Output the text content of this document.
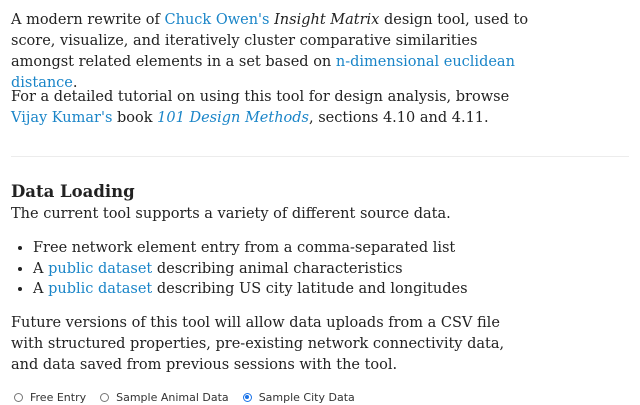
A modern rewrite of Chuck Owen's Insight Matrix design tool, used to score, visualize, and iteratively cluster comparative similarities amongst related elements in a set based on n-dimensional euclidean distance.

For a detailed tutorial on using this tool for design analysis, browse Vijay Kumar's book 101 Design Methods, sections 4.10 and 4.11.

Data Loading

The current tool supports a variety of different source data.

• Free network element entry from a comma-separated list
• A public dataset describing animal characteristics
• A public dataset describing US city latitude and longitudes

Future versions of this tool will allow data uploads from a CSV file with structured properties, pre-existing network connectivity data, and data saved from previous sessions with the tool.

Free Entry	Sample Animal Data	Sample City Data
